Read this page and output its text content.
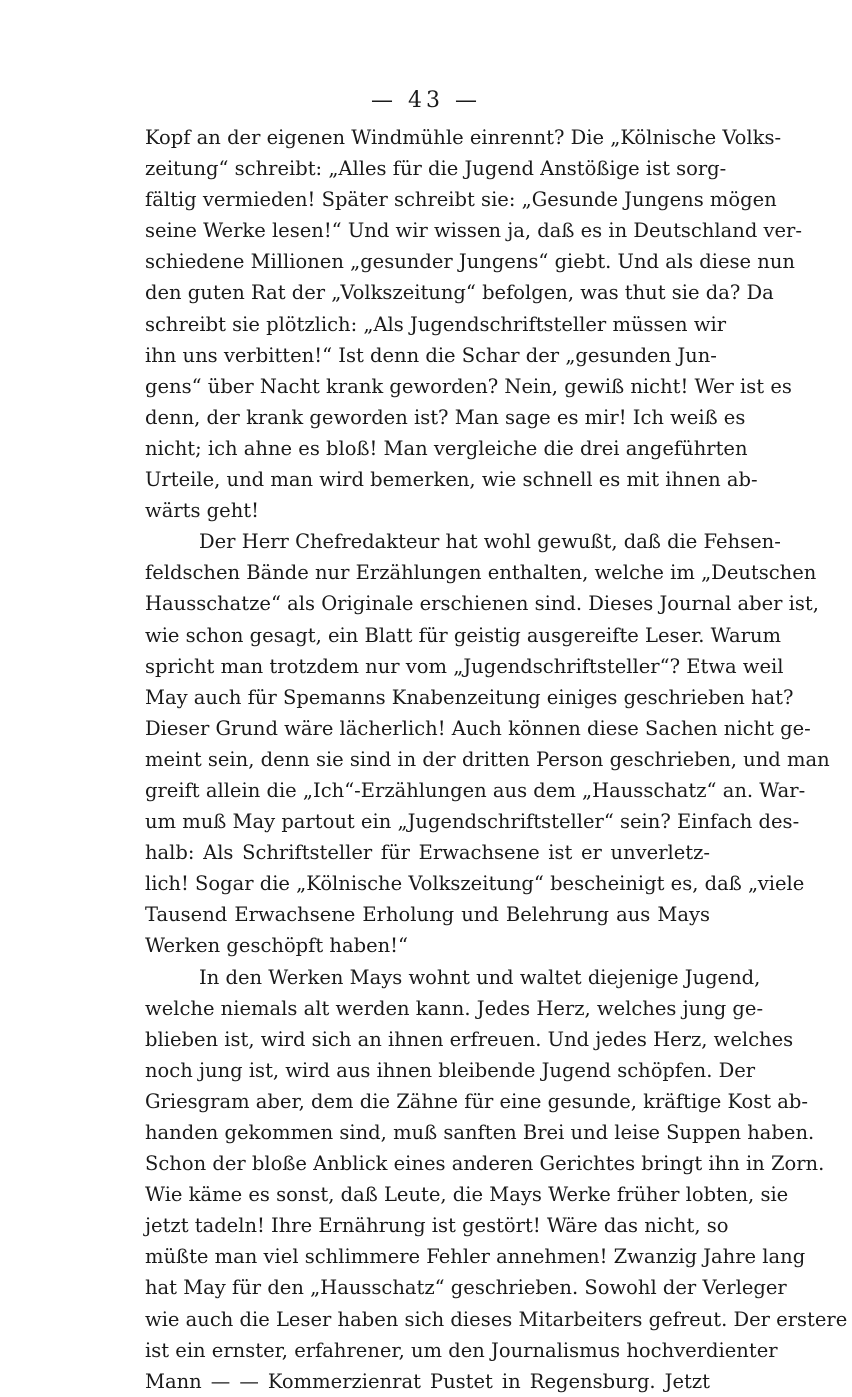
— 43 —
Kopf an der eigenen Windmühle einrennt? Die „Kölnische Volks-
zeitung“ schreibt: „Alles für die Jugend Anstößige ist sorg-
fältig vermieden! Später schreibt sie: „Gesunde Jungens mögen
seine Werke lesen!“ Und wir wissen ja, daß es in Deutschland ver-
schiedene Millionen „gesunder Jungens“ giebt. Und als diese nun
den guten Rat der „Volkszeitung“ befolgen, was thut sie da? Da
schreibt sie plötzlich: „Als Jugendschriftsteller müssen wir
ihn uns verbitten!“ Ist denn die Schar der „gesunden Jun-
gens“ über Nacht krank geworden? Nein, gewiß nicht! Wer ist es
denn, der krank geworden ist? Man sage es mir! Ich weiß es
nicht; ich ahne es bloß! Man vergleiche die drei angeführten
Urteile, und man wird bemerken, wie schnell es mit ihnen ab-
wärts geht!
Der Herr Chefredakteur hat wohl gewußt, daß die Fehsen-
feldschen Bände nur Erzählungen enthalten, welche im „Deutschen
Hausschatze“ als Originale erschienen sind. Dieses Journal aber ist,
wie schon gesagt, ein Blatt für geistig ausgereifte Leser. Warum
spricht man trotzdem nur vom „Jugendschriftsteller“? Etwa weil
May auch für Spemanns Knabenzeitung einiges geschrieben hat?
Dieser Grund wäre lächerlich! Auch können diese Sachen nicht ge-
meint sein, denn sie sind in der dritten Person geschrieben, und man
greift allein die „Ich“-Erzählungen aus dem „Hausschatz“ an. War-
um muß May partout ein „Jugendschriftsteller“ sein? Einfach des-
halb: Als Schriftsteller für Erwachsene ist er unverletz-
lich! Sogar die „Kölnische Volkszeitung“ bescheinigt es, daß „viele
Tausend Erwachsene Erholung und Belehrung aus Mays
Werken geschöpft haben!“
In den Werken Mays wohnt und waltet diejenige Jugend,
welche niemals alt werden kann. Jedes Herz, welches jung ge-
blieben ist, wird sich an ihnen erfreuen. Und jedes Herz, welches
noch jung ist, wird aus ihnen bleibende Jugend schöpfen. Der
Griesgram aber, dem die Zähne für eine gesunde, kräftige Kost ab-
handen gekommen sind, muß sanften Brei und leise Suppen haben.
Schon der bloße Anblick eines anderen Gerichtes bringt ihn in Zorn.
Wie käme es sonst, daß Leute, die Mays Werke früher lobten, sie
jetzt tadeln! Ihre Ernährung ist gestört! Wäre das nicht, so
müßte man viel schlimmere Fehler annehmen! Zwanzig Jahre lang
hat May für den „Hausschatz“ geschrieben. Sowohl der Verleger
wie auch die Leser haben sich dieses Mitarbeiters gefreut. Der erstere
ist ein ernster, erfahrener, um den Journalismus hochverdienter
Mann — — Kommerzienrat Pustet in Regensburg. Jetzt
